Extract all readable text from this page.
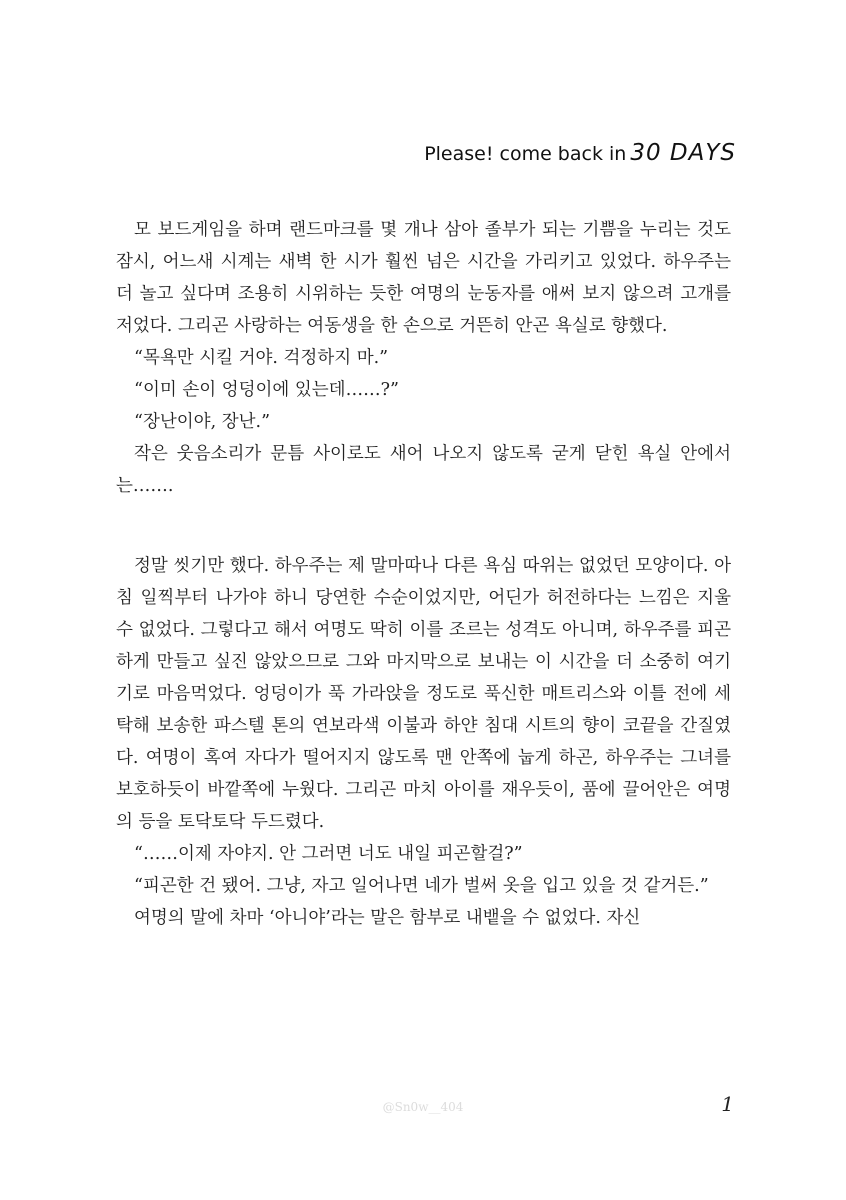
Please! come back in 30 DAYS

모 보드게임을 하며 랜드마크를 몇 개나 삼아 졸부가 되는 기쁨을 누리는 것도 잠시, 어느새 시계는 새벽 한 시가 훨씬 넘은 시간을 가리키고 있었다. 하우주는 더 놀고 싶다며 조용히 시위하는 듯한 여명의 눈동자를 애써 보지 않으려 고개를 저었다. 그리곤 사랑하는 여동생을 한 손으로 거뜬히 안곤 욕실로 향했다.

“목욕만 시킬 거야. 걱정하지 마.”

“이미 손이 엉덩이에 있는데……?”

“장난이야, 장난.”

작은 웃음소리가 문틈 사이로도 새어 나오지 않도록 굳게 닫힌 욕실 안에서는…….

정말 씻기만 했다. 하우주는 제 말마따나 다른 욕심 따위는 없었던 모양이다. 아침 일찍부터 나가야 하니 당연한 수순이었지만, 어딘가 허전하다는 느낌은 지울 수 없었다. 그렇다고 해서 여명도 딱히 이를 조르는 성격도 아니며, 하우주를 피곤하게 만들고 싶진 않았으므로 그와 마지막으로 보내는 이 시간을 더 소중히 여기기로 마음먹었다. 엉덩이가 푹 가라앉을 정도로 푹신한 매트리스와 이틀 전에 세탁해 보송한 파스텔 톤의 연보라색 이불과 하얀 침대 시트의 향이 코끝을 간질였다. 여명이 혹여 자다가 떨어지지 않도록 맨 안쪽에 눕게 하곤, 하우주는 그녀를 보호하듯이 바깥쪽에 누웠다. 그리곤 마치 아이를 재우듯이, 품에 끌어안은 여명의 등을 토닥토닥 두드렸다.

“……이제 자야지. 안 그러면 너도 내일 피곤할걸?”

“피곤한 건 됐어. 그냥, 자고 일어나면 네가 벌써 옷을 입고 있을 것 같거든.”

여명의 말에 차마 ‘아니야’라는 말은 함부로 내뱉을 수 없었다. 자신

@Sn0w__404	1
